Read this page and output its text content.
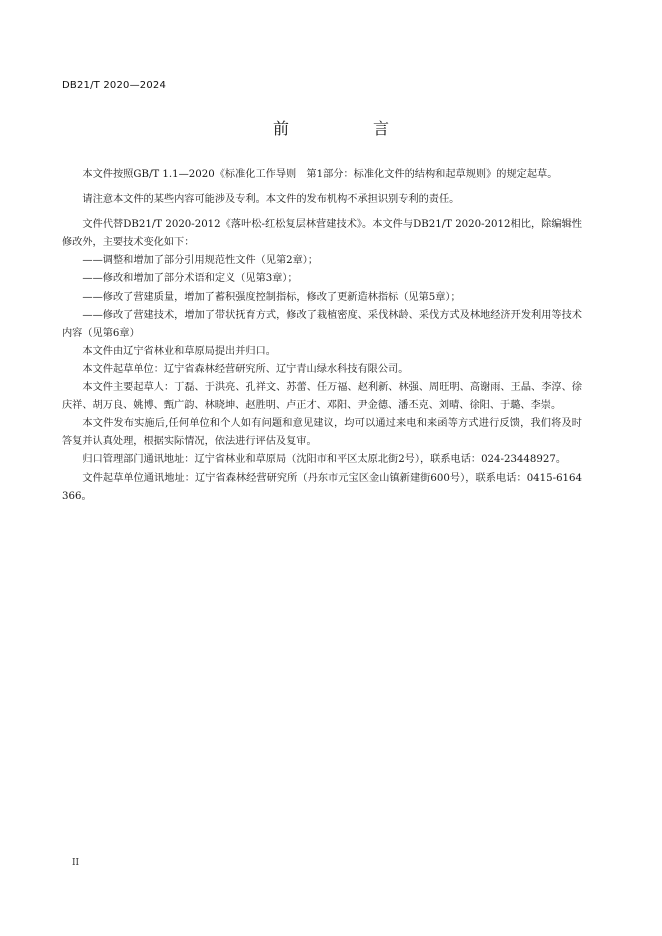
DB21/T 2020—2024
前　言

本文件按照GB/T 1.1—2020《标准化工作导则　第1部分：标准化文件的结构和起草规则》的规定起草。

请注意本文件的某些内容可能涉及专利。本文件的发布机构不承担识别专利的责任。

文件代替DB21/T 2020-2012《落叶松-红松复层林营建技术》。本文件与DB21/T 2020-2012相比，除编辑性修改外，主要技术变化如下：

——调整和增加了部分引用规范性文件（见第2章）；

——修改和增加了部分术语和定义（见第3章）；

——修改了营建质量，增加了蓄积强度控制指标，修改了更新造林指标（见第5章）；

——修改了营建技术，增加了带状抚育方式，修改了栽植密度、采伐林龄、采伐方式及林地经济开发利用等技术内容（见第6章）

本文件由辽宁省林业和草原局提出并归口。

本文件起草单位：辽宁省森林经营研究所、辽宁青山绿水科技有限公司。

本文件主要起草人：丁磊、于洪亮、孔祥文、苏蕾、任万福、赵利新、林强、周旺明、高谢雨、王晶、李淳、徐庆祥、胡万良、姚博、甄广韵、林晓坤、赵胜明、卢正才、邓阳、尹金德、潘丕克、刘晴、徐阳、于璐、李崇。

本文件发布实施后,任何单位和个人如有问题和意见建议，均可以通过来电和来函等方式进行反馈，我们将及时答复并认真处理，根据实际情况，依法进行评估及复审。

归口管理部门通讯地址：辽宁省林业和草原局（沈阳市和平区太原北街2号），联系电话：024-23448927。

文件起草单位通讯地址：辽宁省森林经营研究所（丹东市元宝区金山镇新建街600号），联系电话：0415-6164366。

II
